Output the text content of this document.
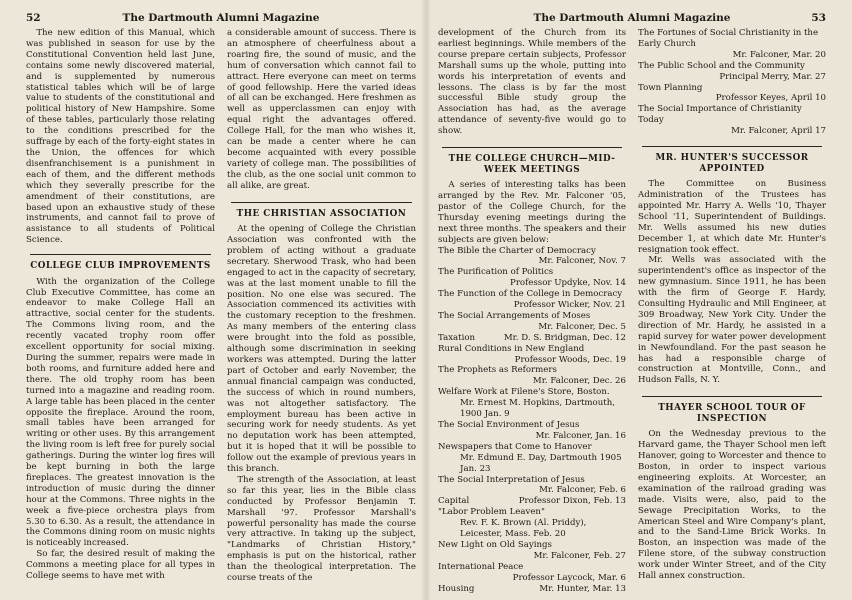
52	The Dartmouth Alumni Magazine

The new edition of this Manual, which was published in season for use by the Constitutional Convention held last June, contains some newly discovered material, and is supplemented by numerous statistical tables which will be of large value to students of the constitutional and political history of New Hampshire. Some of these tables, particularly those relating to the conditions prescribed for the suffrage by each of the forty-eight states in the Union, the offences for which disenfranchisement is a punishment in each of them, and the different methods which they severally prescribe for the amendment of their constitutions, are based upon an exhaustive study of these instruments, and cannot fail to prove of assistance to all students of Political Science.

COLLEGE CLUB IMPROVEMENTS

With the organization of the College Club Executive Committee, has come an endeavor to make College Hall an attractive, social center for the students. The Commons living room, and the recently vacated trophy room offer excellent opportunity for social mixing. During the summer, repairs were made in both rooms, and furniture added here and there. The old trophy room has been turned into a magazine and reading room. A large table has been placed in the center opposite the fireplace. Around the room, small tables have been arranged for writing or other uses. By this arrangement the living room is left free for purely social gatherings. During the winter log fires will be kept burning in both the large fireplaces. The greatest innovation is the introduction of music during the dinner hour at the Commons. Three nights in the week a five-piece orchestra plays from 5.30 to 6.30. As a result, the attendance in the Commons dining room on music nights is noticeably increased.

So far, the desired result of making the Commons a meeting place for all types in College seems to have met with

a considerable amount of success. There is an atmosphere of cheerfulness about a roaring fire, the sound of music, and the hum of conversation which cannot fail to attract. Here everyone can meet on terms of good fellowship. Here the varied ideas of all can be exchanged. Here freshmen as well as upperclassmen can enjoy with equal right the advantages offered. College Hall, for the man who wishes it, can be made a center where he can become acquainted with every possible variety of college man. The possibilities of the club, as the one social unit common to all alike, are great.

THE CHRISTIAN ASSOCIATION

At the opening of College the Christian Association was confronted with the problem of acting without a graduate secretary. Sherwood Trask, who had been engaged to act in the capacity of secretary, was at the last moment unable to fill the position. No one else was secured. The Association commenced its activities with the customary reception to the freshmen. As many members of the entering class were brought into the fold as possible, although some discrimination in seeking workers was attempted. During the latter part of October and early November, the annual financial campaign was conducted, the success of which in round numbers, was not altogether satisfactory. The employment bureau has been active in securing work for needy students. As yet no deputation work has been attempted, but it is hoped that it will be possible to follow out the example of previous years in this branch.

The strength of the Association, at least so far this year, lies in the Bible class conducted by Professor Benjamin T. Marshall '97. Professor Marshall's powerful personality has made the course very attractive. In taking up the subject, "Landmarks of Christian History," emphasis is put on the historical, rather than the theological interpretation. The course treats of the

The Dartmouth Alumni Magazine	53

development of the Church from its earliest beginnings. While members of the course prepare certain subjects, Professor Marshall sums up the whole, putting into words his interpretation of events and lessons. The class is by far the most successful Bible study group the Association has had, as the average attendance of seventy-five would go to show.

THE COLLEGE CHURCH—MID-WEEK MEETINGS

A series of interesting talks has been arranged by the Rev. Mr. Falconer '05, pastor of the College Church, for the Thursday evening meetings during the next three months. The speakers and their subjects are given below:

The Bible the Charter of Democracy
Mr. Falconer, Nov. 7
The Purification of Politics
Professor Updyke, Nov. 14
The Function of the College in Democracy
Professor Wicker, Nov. 21
The Social Arrangements of Moses
Mr. Falconer, Dec. 5
Taxation	Mr. D. S. Bridgman, Dec. 12
Rural Conditions in New England
Professor Woods, Dec. 19
The Prophets as Reformers
Mr. Falconer, Dec. 26
Welfare Work at Filene's Store, Boston.
Mr. Ernest M. Hopkins, Dartmouth, 1900 Jan. 9
The Social Environment of Jesus
Mr. Falconer, Jan. 16
Newspapers that Come to Hanover
Mr. Edmund E. Day, Dartmouth 1905 Jan. 23
The Social Interpretation of Jesus
Mr. Falconer, Feb. 6
Capital	Professor Dixon, Feb. 13
"Labor Problem Leaven"
Rev. F. K. Brown (Al. Priddy), Leicester, Mass. Feb. 20
New Light on Old Sayings
Mr. Falconer, Feb. 27
International Peace
Professor Laycock, Mar. 6
Housing	Mr. Hunter, Mar. 13
The Fortunes of Social Christianity in the Early Church
Mr. Falconer, Mar. 20
The Public School and the Community
Principal Merry, Mar. 27
Town Planning
Professor Keyes, April 10
The Social Importance of Christianity Today
Mr. Falconer, April 17
MR. HUNTER'S SUCCESSOR APPOINTED

The Committee on Business Administration of the Trustees has appointed Mr. Harry A. Wells '10, Thayer School '11, Superintendent of Buildings. Mr. Wells assumed his new duties December 1, at which date Mr. Hunter's resignation took effect.

Mr. Wells was associated with the superintendent's office as inspector of the new gymnasium. Since 1911, he has been with the firm of George F. Hardy, Consulting Hydraulic and Mill Engineer, at 309 Broadway, New York City. Under the direction of Mr. Hardy, he assisted in a rapid survey for water power development in Newfoundland. For the past season he has had a responsible charge of construction at Montville, Conn., and Hudson Falls, N. Y.

THAYER SCHOOL TOUR OF INSPECTION

On the Wednesday previous to the Harvard game, the Thayer School men left Hanover, going to Worcester and thence to Boston, in order to inspect various engineering exploits. At Worcester, an examination of the railroad grading was made. Visits were, also, paid to the Sewage Precipitation Works, to the American Steel and Wire Company's plant, and to the Sand-Lime Brick Works. In Boston, an inspection was made of the Filene store, of the subway construction work under Winter Street, and of the City Hall annex construction.
